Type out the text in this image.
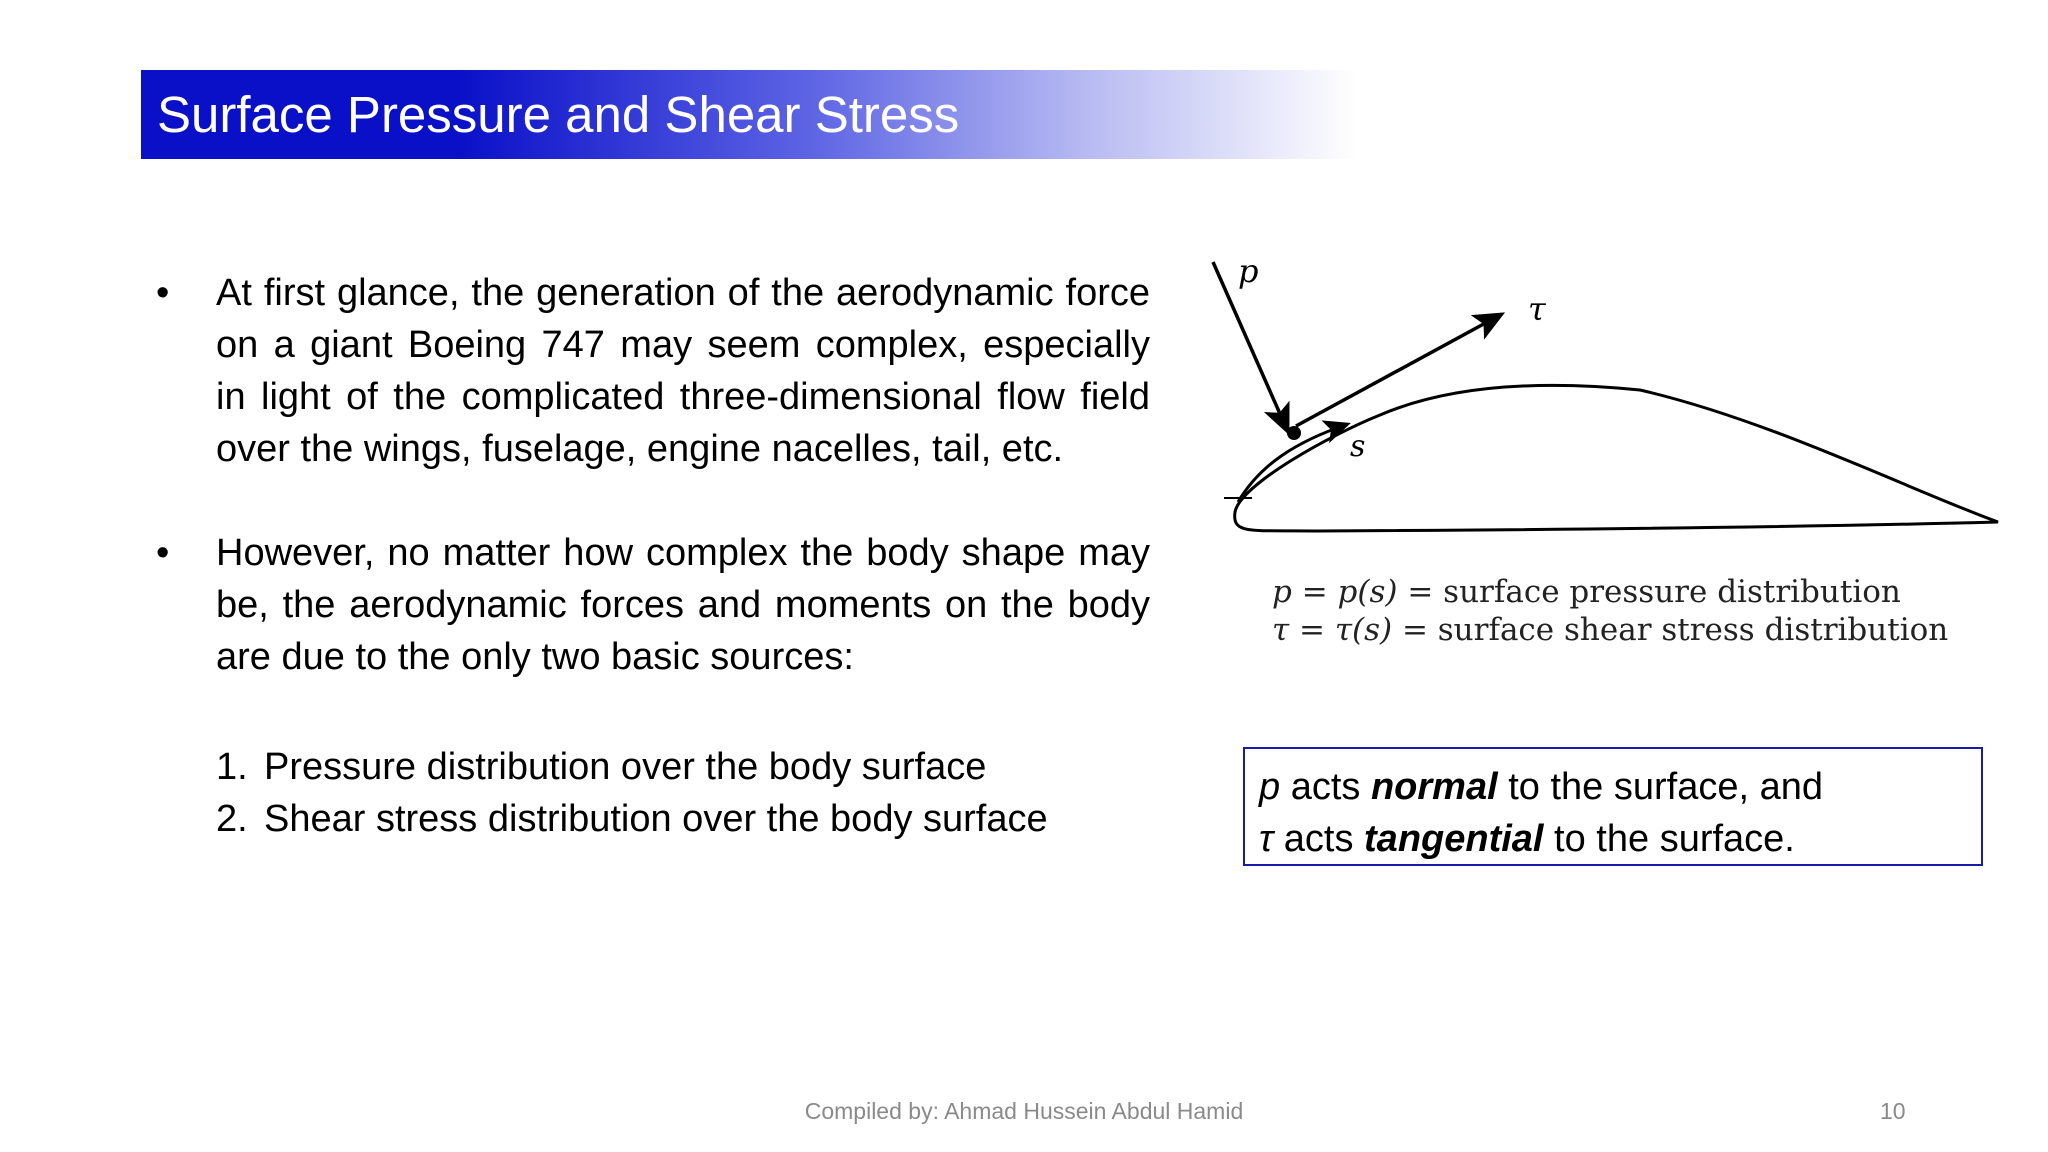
Surface Pressure and Shear Stress
• At first glance, the generation of the aerodynamic force on a giant Boeing 747 may seem complex, especially in light of the complicated three-dimensional flow field over the wings, fuselage, engine nacelles, tail, etc.
• However, no matter how complex the body shape may be, the aerodynamic forces and moments on the body are due to the only two basic sources:
1. Pressure distribution over the body surface
2. Shear stress distribution over the body surface
p
τ
s
p = p(s) = surface pressure distribution
τ = τ(s) = surface shear stress distribution
p acts normal to the surface, and
τ acts tangential to the surface.
Compiled by: Ahmad Hussein Abdul Hamid	10
